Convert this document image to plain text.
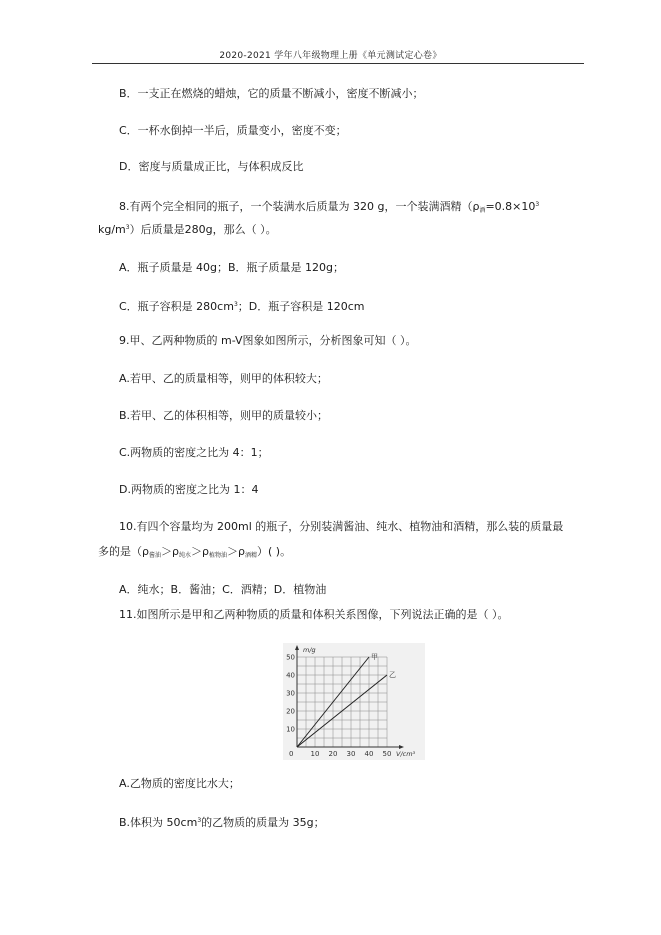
2020-2021 学年八年级物理上册《单元测试定心卷》
B．一支正在燃烧的蜡烛，它的质量不断减小，密度不断减小；
C．一杯水倒掉一半后，质量变小，密度不变；
D．密度与质量成正比，与体积成反比
8.有两个完全相同的瓶子，一个装满水后质量为 320 g，一个装满酒精（$\rho_酒=0.8\times 10^3$
$kg/m^3$）后质量是280g，那么（ ）。
A．瓶子质量是 40g；B．瓶子质量是 120g；
C．瓶子容积是 $280cm^3$；D．瓶子容积是 120cm
9.甲、乙两种物质的 m-V图象如图所示，分析图象可知（ ）。
A.若甲、乙的质量相等，则甲的体积较大；
B.若甲、乙的体积相等，则甲的质量较小；
C.两物质的密度之比为 4：1；
D.两物质的密度之比为 1：4
10.有四个容量均为 200ml 的瓶子，分别装满酱油、纯水、植物油和酒精，那么装的质量最
多的是$(\rho_{酱油}>\rho_{纯水}>\rho_{植物油}>\rho_{酒精})$( )。
A．纯水；B．酱油；C．酒精；D．植物油
11.如图所示是甲和乙两种物质的质量和体积关系图像，下列说法正确的是（ ）。
10 20 30 40 50
10
20
30
40
50	甲
乙
0
m/g
V/cm³
A.乙物质的密度比水大；
B.体积为 $50cm^3$的乙物质的质量为 35g；
